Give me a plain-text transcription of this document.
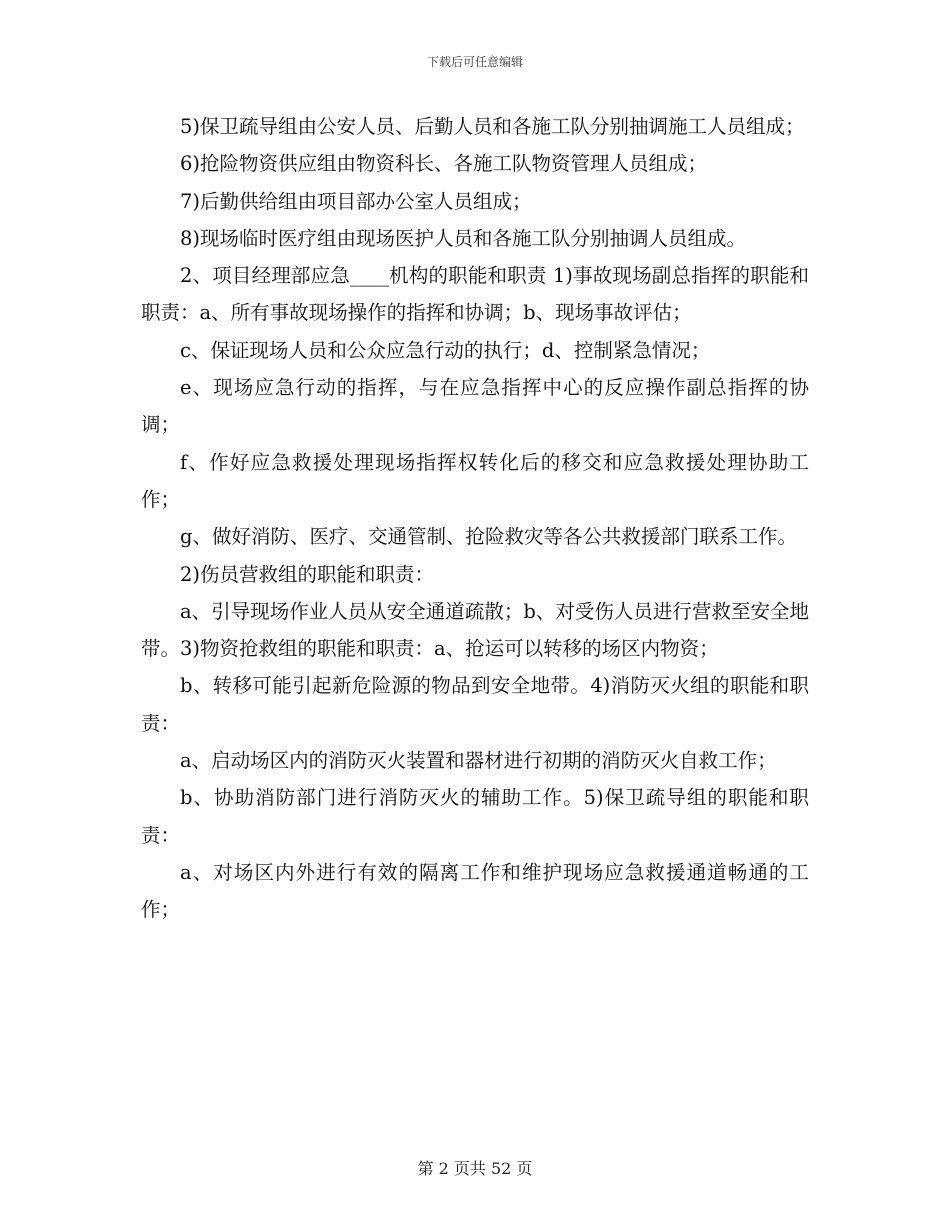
下载后可任意编辑

5)保卫疏导组由公安人员、后勤人员和各施工队分别抽调施工人员组成；

6)抢险物资供应组由物资科长、各施工队物资管理人员组成；

7)后勤供给组由项目部办公室人员组成；

8)现场临时医疗组由现场医护人员和各施工队分别抽调人员组成。

2、项目经理部应急____机构的职能和职责 1)事故现场副总指挥的职能和职责：a、所有事故现场操作的指挥和协调；b、现场事故评估；

c、保证现场人员和公众应急行动的执行；d、控制紧急情况；

e、现场应急行动的指挥，与在应急指挥中心的反应操作副总指挥的协调；

f、作好应急救援处理现场指挥权转化后的移交和应急救援处理协助工作；

g、做好消防、医疗、交通管制、抢险救灾等各公共救援部门联系工作。

2)伤员营救组的职能和职责：

a、引导现场作业人员从安全通道疏散；b、对受伤人员进行营救至安全地带。3)物资抢救组的职能和职责：a、抢运可以转移的场区内物资；

b、转移可能引起新危险源的物品到安全地带。4)消防灭火组的职能和职责：

a、启动场区内的消防灭火装置和器材进行初期的消防灭火自救工作；

b、协助消防部门进行消防灭火的辅助工作。5)保卫疏导组的职能和职责：

a、对场区内外进行有效的隔离工作和维护现场应急救援通道畅通的工作；

第 2 页共 52 页
